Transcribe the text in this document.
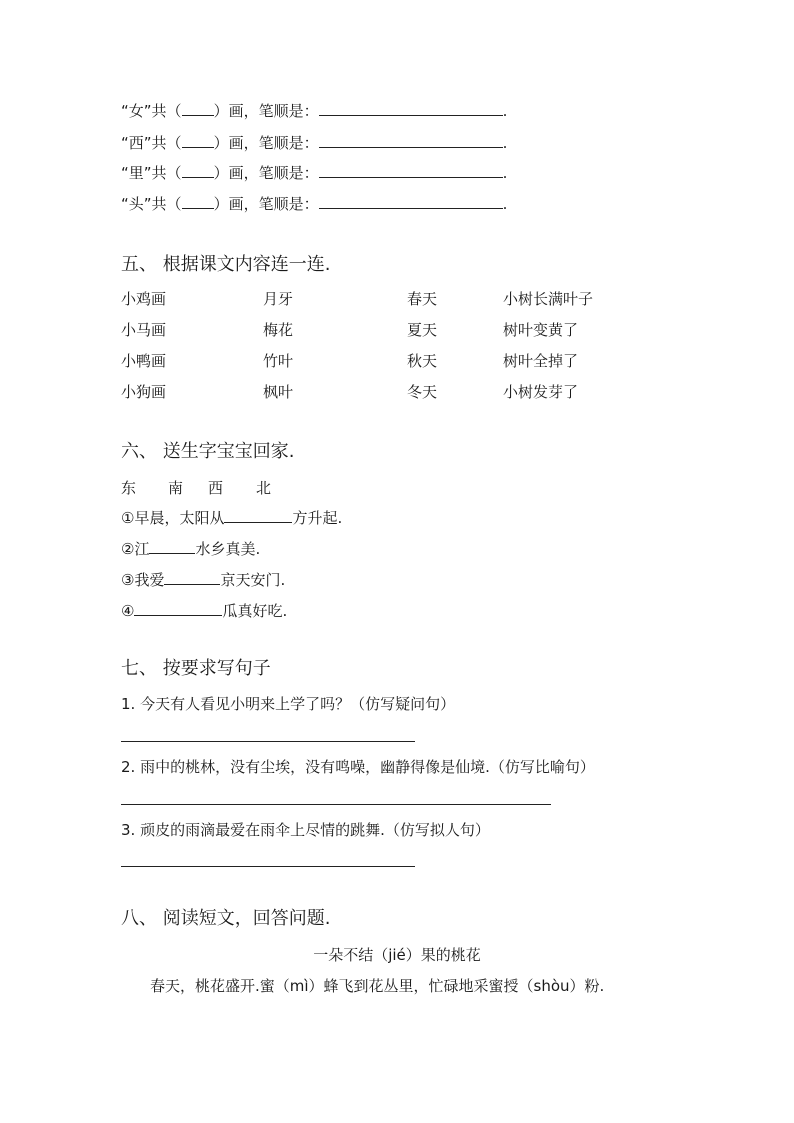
“女”共（ ）画，笔顺是：	.
“西”共（ ）画，笔顺是：	.
“里”共（ ）画，笔顺是：	.
“头”共（ ）画，笔顺是：	.
五、 根据课文内容连一连.
小鸡画	月牙	春天	小树长满叶子
小马画	梅花	夏天	树叶变黄了
小鸭画	竹叶	秋天	树叶全掉了
小狗画	枫叶	冬天	小树发芽了
六、 送生字宝宝回家.
东 南 西 北
①早晨，太阳从	方升起.
②江	水乡真美.
③我爱	京天安门.
④	瓜真好吃.
七、 按要求写句子
1. 今天有人看见小明来上学了吗？（仿写疑问句）
2. 雨中的桃林，没有尘埃，没有鸣噪，幽静得像是仙境.（仿写比喻句）
3. 顽皮的雨滴最爱在雨伞上尽情的跳舞.（仿写拟人句）
八、 阅读短文，回答问题.
一朵不结（jié）果的桃花
春天，桃花盛开.蜜（mì）蜂飞到花丛里，忙碌地采蜜授（shòu）粉.
